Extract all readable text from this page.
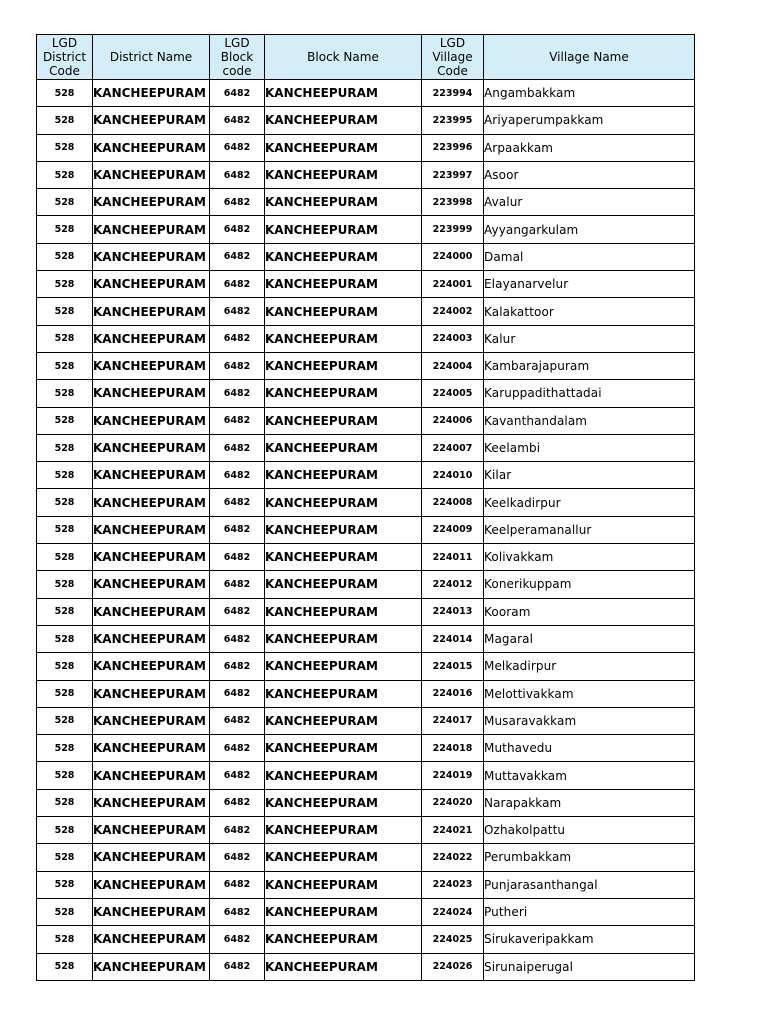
LGD District Code	District Name	LGD Block code	Block Name	LGD Village Code	Village Name
528	KANCHEEPURAM	6482	KANCHEEPURAM	223994	Angambakkam
528	KANCHEEPURAM	6482	KANCHEEPURAM	223995	Ariyaperumpakkam
528	KANCHEEPURAM	6482	KANCHEEPURAM	223996	Arpaakkam
528	KANCHEEPURAM	6482	KANCHEEPURAM	223997	Asoor
528	KANCHEEPURAM	6482	KANCHEEPURAM	223998	Avalur
528	KANCHEEPURAM	6482	KANCHEEPURAM	223999	Ayyangarkulam
528	KANCHEEPURAM	6482	KANCHEEPURAM	224000	Damal
528	KANCHEEPURAM	6482	KANCHEEPURAM	224001	Elayanarvelur
528	KANCHEEPURAM	6482	KANCHEEPURAM	224002	Kalakattoor
528	KANCHEEPURAM	6482	KANCHEEPURAM	224003	Kalur
528	KANCHEEPURAM	6482	KANCHEEPURAM	224004	Kambarajapuram
528	KANCHEEPURAM	6482	KANCHEEPURAM	224005	Karuppadithattadai
528	KANCHEEPURAM	6482	KANCHEEPURAM	224006	Kavanthandalam
528	KANCHEEPURAM	6482	KANCHEEPURAM	224007	Keelambi
528	KANCHEEPURAM	6482	KANCHEEPURAM	224010	Kilar
528	KANCHEEPURAM	6482	KANCHEEPURAM	224008	Keelkadirpur
528	KANCHEEPURAM	6482	KANCHEEPURAM	224009	Keelperamanallur
528	KANCHEEPURAM	6482	KANCHEEPURAM	224011	Kolivakkam
528	KANCHEEPURAM	6482	KANCHEEPURAM	224012	Konerikuppam
528	KANCHEEPURAM	6482	KANCHEEPURAM	224013	Kooram
528	KANCHEEPURAM	6482	KANCHEEPURAM	224014	Magaral
528	KANCHEEPURAM	6482	KANCHEEPURAM	224015	Melkadirpur
528	KANCHEEPURAM	6482	KANCHEEPURAM	224016	Melottivakkam
528	KANCHEEPURAM	6482	KANCHEEPURAM	224017	Musaravakkam
528	KANCHEEPURAM	6482	KANCHEEPURAM	224018	Muthavedu
528	KANCHEEPURAM	6482	KANCHEEPURAM	224019	Muttavakkam
528	KANCHEEPURAM	6482	KANCHEEPURAM	224020	Narapakkam
528	KANCHEEPURAM	6482	KANCHEEPURAM	224021	Ozhakolpattu
528	KANCHEEPURAM	6482	KANCHEEPURAM	224022	Perumbakkam
528	KANCHEEPURAM	6482	KANCHEEPURAM	224023	Punjarasanthangal
528	KANCHEEPURAM	6482	KANCHEEPURAM	224024	Putheri
528	KANCHEEPURAM	6482	KANCHEEPURAM	224025	Sirukaveripakkam
528	KANCHEEPURAM	6482	KANCHEEPURAM	224026	Sirunaiperugal
